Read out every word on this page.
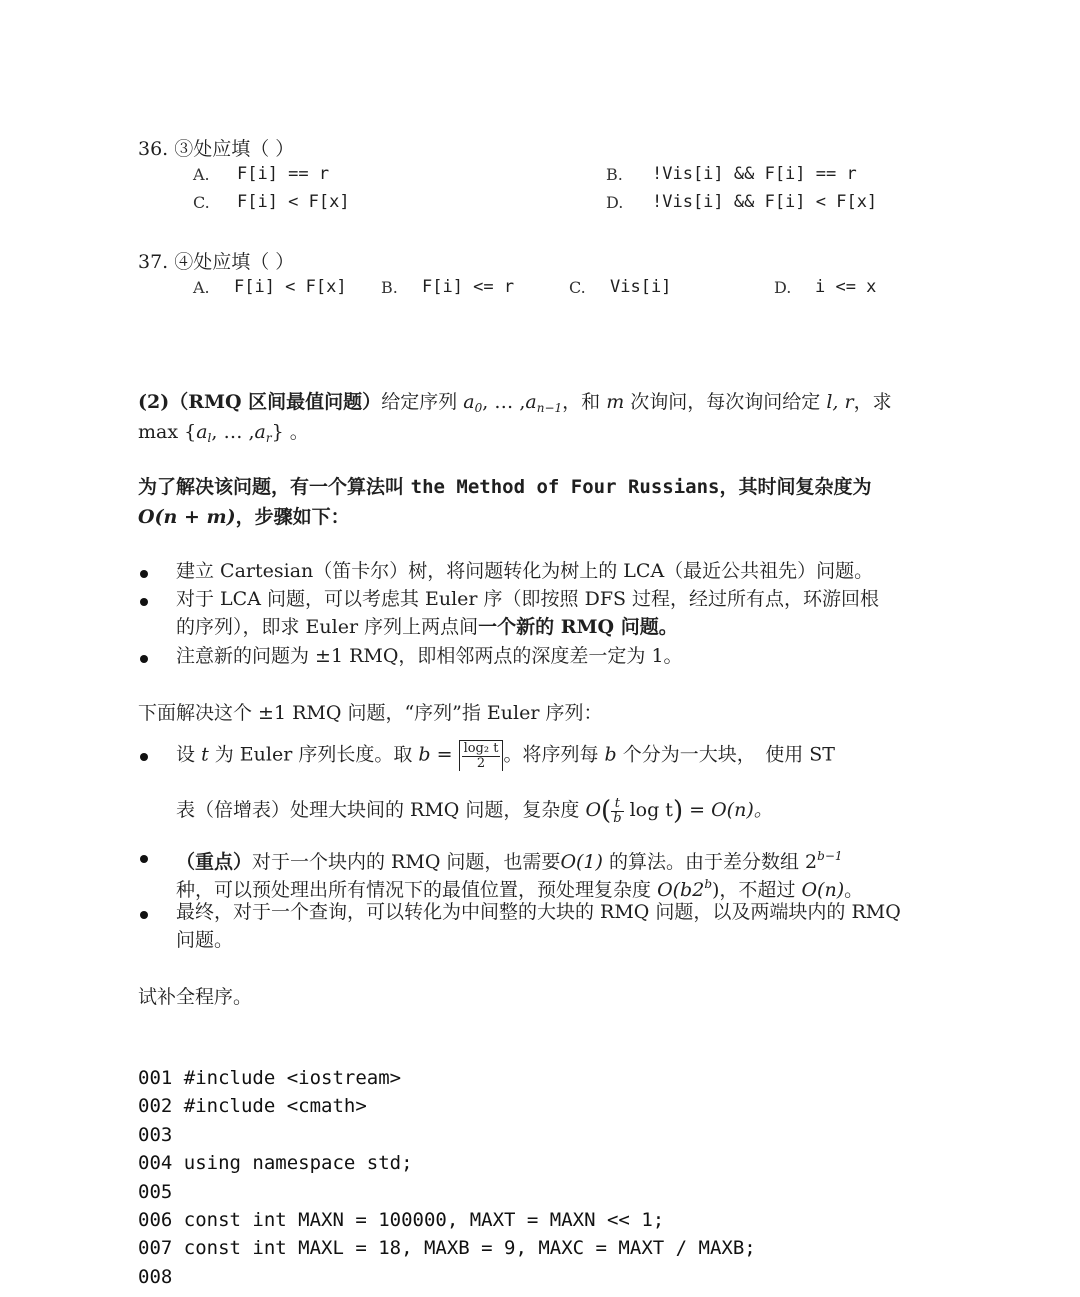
36. ③处应填（ ）
A. F[i] == r	B. !Vis[i] && F[i] == r
C. F[i] < F[x]	D. !Vis[i] && F[i] < F[x]
37. ④处应填（ ）
A. F[i] < F[x] B. F[i] <= r	C. Vis[i]	D. i <= x
(2)（RMQ 区间最值问题）给定序列 $a_0$, … $,a_{n-1}$，和 m 次询问，每次询问给定 l, r，求
$\max \{a_l$, … $,a_r$} 。
为了解决该问题，有一个算法叫 the Method of Four Russians，其时间复杂度为
O(n + m)，步骤如下：
建立 Cartesian（笛卡尔）树，将问题转化为树上的 LCA（最近公共祖先）问题。
对于 LCA 问题，可以考虑其 Euler 序（即按照 DFS 过程，经过所有点，环游回根
的序列），即求 Euler 序列上两点间一个新的 RMQ 问题。
注意新的问题为 ±1 RMQ，即相邻两点的深度差一定为 1。
下面解决这个 ±1 RMQ 问题，“序列”指 Euler 序列：
设 t 为 Euler 序列长度。取 $b = \frac{\text{log₂ t}}{2}$ 。将序列每 b 个分为一大块，　使用 ST
表（倍增表）处理大块间的 RMQ 问题，复杂度 $O( \frac{t}{b}$ log t) = O(n)。
（重点）对于一个块内的 RMQ 问题，也需要O(1) 的算法。由于差分数组 $2^{b-1}$
种，可以预处理出所有情况下的最值位置，预处理复杂度 O(b2$^b$)，不超过 O(n)。
最终，对于一个查询，可以转化为中间整的大块的 RMQ 问题，以及两端块内的 RMQ
问题。
试补全程序。
001 #include <iostream>
002 #include <cmath>
003
004 using namespace std;
005
006 const int MAXN = 100000, MAXT = MAXN << 1;
007 const int MAXL = 18, MAXB = 9, MAXC = MAXT / MAXB;
008
